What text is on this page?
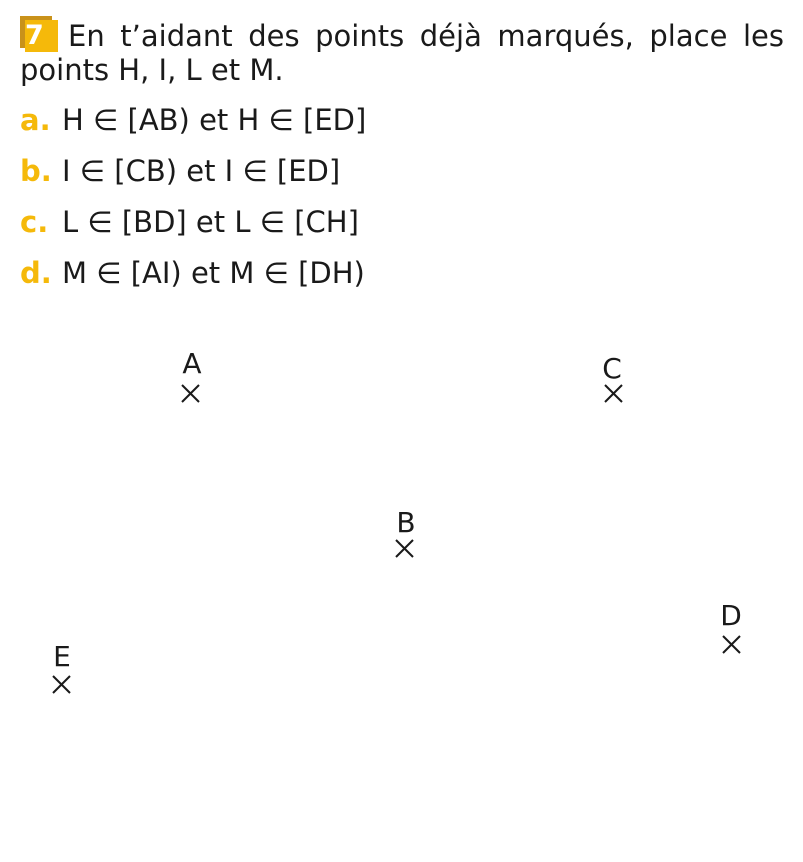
7 En t’aidant des points déjà marqués, place les points H, I, L et M.

a. H ∈ [AB) et H ∈ [ED]
b. I ∈ [CB) et I ∈ [ED]
c. L ∈ [BD] et L ∈ [CH]
d. M ∈ [AI) et M ∈ [DH)
A	C
B
D
E
